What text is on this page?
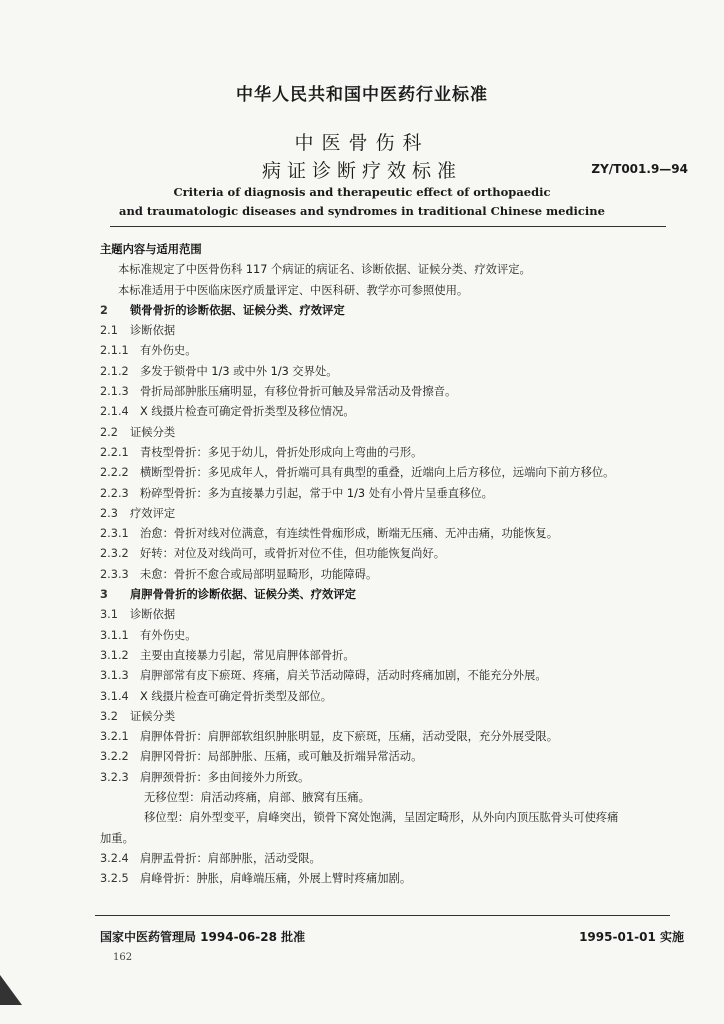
中华人民共和国中医药行业标准
中医骨伤科
病证诊断疗效标准	ZY/T001.9—94
Criteria of diagnosis and therapeutic effect of orthopaedic
and traumatologic diseases and syndromes in traditional Chinese medicine
主题内容与适用范围
本标准规定了中医骨伤科 117 个病证的病证名、诊断依据、证候分类、疗效评定。
本标准适用于中医临床医疗质量评定、中医科研、教学亦可参照使用。
2 锁骨骨折的诊断依据、证候分类、疗效评定
2.1 诊断依据
2.1.1 有外伤史。
2.1.2 多发于锁骨中 1/3 或中外 1/3 交界处。
2.1.3 骨折局部肿胀压痛明显，有移位骨折可触及异常活动及骨擦音。
2.1.4 X 线摄片检查可确定骨折类型及移位情况。
2.2 证候分类
2.2.1 青枝型骨折：多见于幼儿，骨折处形成向上弯曲的弓形。
2.2.2 横断型骨折：多见成年人，骨折端可具有典型的重叠，近端向上后方移位，远端向下前方移位。
2.2.3 粉碎型骨折：多为直接暴力引起，常于中 1/3 处有小骨片呈垂直移位。
2.3 疗效评定
2.3.1 治愈：骨折对线对位满意，有连续性骨痂形成，断端无压痛、无冲击痛，功能恢复。
2.3.2 好转：对位及对线尚可，或骨折对位不佳，但功能恢复尚好。
2.3.3 未愈：骨折不愈合或局部明显畸形，功能障碍。
3 肩胛骨骨折的诊断依据、证候分类、疗效评定
3.1 诊断依据
3.1.1 有外伤史。
3.1.2 主要由直接暴力引起，常见肩胛体部骨折。
3.1.3 肩胛部常有皮下瘀斑、疼痛，肩关节活动障碍，活动时疼痛加剧，不能充分外展。
3.1.4 X 线摄片检查可确定骨折类型及部位。
3.2 证候分类
3.2.1 肩胛体骨折：肩胛部软组织肿胀明显，皮下瘀斑，压痛，活动受限，充分外展受限。
3.2.2 肩胛冈骨折：局部肿胀、压痛，或可触及折端异常活动。
3.2.3 肩胛颈骨折：多由间接外力所致。
无移位型：肩活动疼痛，肩部、腋窝有压痛。
移位型：肩外型变平，肩峰突出，锁骨下窝处饱满，呈固定畸形，从外向内顶压肱骨头可使疼痛
加重。
3.2.4 肩胛盂骨折：肩部肿胀，活动受限。
3.2.5 肩峰骨折：肿胀，肩峰端压痛，外展上臂时疼痛加剧。
国家中医药管理局 1994-06-28 批准	1995-01-01 实施
162
